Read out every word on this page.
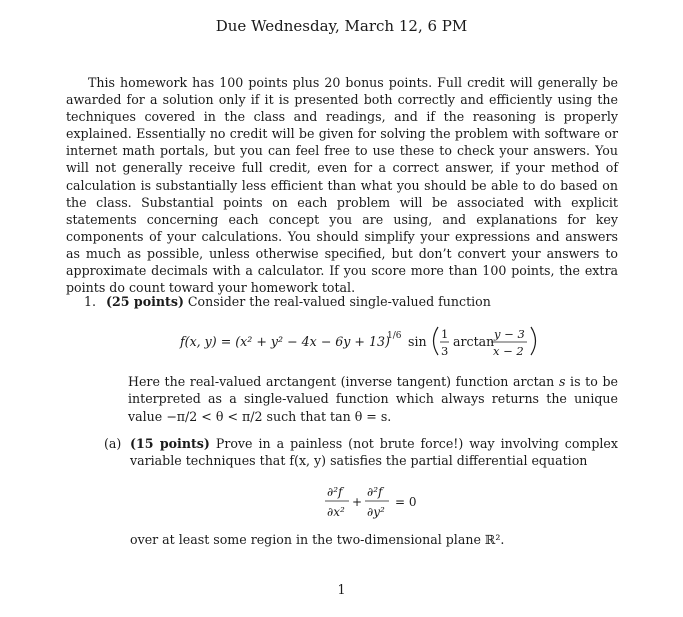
Due Wednesday, March 12, 6 PM

This homework has 100 points plus 20 bonus points. Full credit will generally be awarded for a solution only if it is presented both correctly and efficiently using the techniques covered in the class and readings, and if the reasoning is properly explained. Essentially no credit will be given for solving the problem with software or internet math portals, but you can feel free to use these to check your answers. You will not generally receive full credit, even for a correct answer, if your method of calculation is substantially less efficient than what you should be able to do based on the class. Substantial points on each problem will be associated with explicit statements concerning each concept you are using, and explanations for key components of your calculations. You should simplify your expressions and answers as much as possible, unless otherwise specified, but don’t convert your answers to approximate decimals with a calculator. If you score more than 100 points, the extra points do count toward your homework total.

1. (25 points) Consider the real-valued single-valued function
f(x, y) = (x² + y² − 4x − 6y + 13)
1/6 sin 1
3
arctan y − 3
x − 2

Here the real-valued arctangent (inverse tangent) function arctan s is to be interpreted as a single-valued function which always returns the unique value −π/2 < θ < π/2 such that tan θ = s.

(a) (15 points) Prove in a painless (not brute force!) way involving complex variable techniques that f(x, y) satisfies the partial differential equation
∂²f
∂x²
+
∂²f
∂y²
= 0
over at least some region in the two-dimensional plane ℝ².
1
